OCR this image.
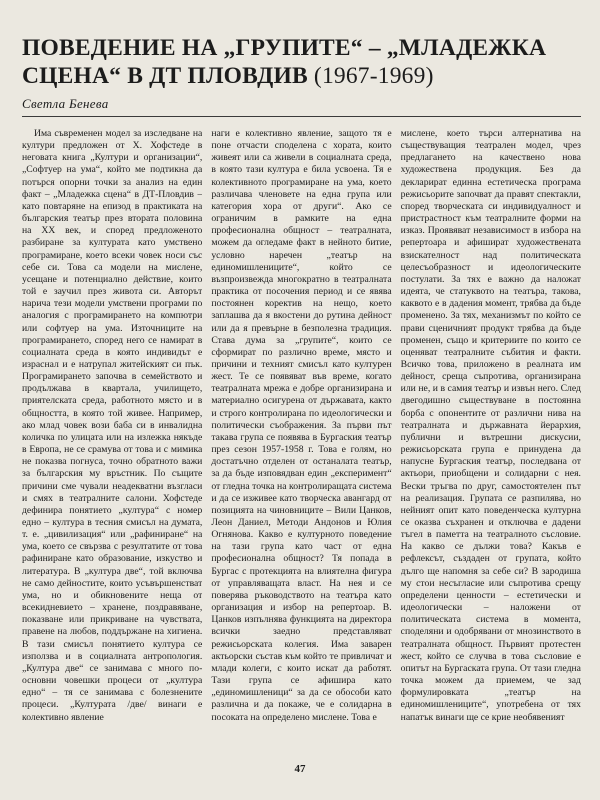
ПОВЕДЕНИЕ НА „ГРУПИТЕ“ – „МЛАДЕЖКА
СЦЕНА“ В ДТ ПЛОВДИВ (1967-1969)
Светла Бенева

Има съвременен модел за изследване на култури предложен от Х. Хофстеде в неговата книга „Култури и организации“, „Софтуер на ума“, който ме подтикна да потърся опорни точки за анализ на един факт – „Младежка сцена“ в ДТ-Пловдив – като повтаряне на епизод в практиката на българския театър през втората половина на ХХ век, и според предложеното разбиране за културата като умствено програмиране, което всеки човек носи със себе си. Това са модели на мислене, усещане и потенциално действие, които той е заучил през живота си. Авторът нарича тези модели умствени програми по аналогия с програмирането на компютри или софтуер на ума. Източниците на програмирането, според него се намират в социалната среда в която индивидът е израснал и е натрупал житейският си пък. Програмирането започва в семейството и продължава в квартала, училището, приятелската среда, работното място и в общността, в която той живее. Например, ако млад човек вози баба си в инвалидна количка по улицата или на излежка някъде в Европа, не се срамува от това и с мимика не показва погнуса, точно обратното важи за българския му връстник. По същите причини сме чували неадекватни възгласи и смях в театралните салони. Хофстеде дефинира понятието „култура“ с номер едно – култура в тесния смисъл на думата, т. е. „цивилизация“ или „рафиниране“ на ума, което се свързва с резултатите от това рафиниране като образование, изкуство и литература. В „култура две“, той включва не само дейностите, които усъвършенстват ума, но и обикновените неща от всекидневието – хранене, поздравяване, показване или прикриване на чувствата, правене на любов, поддържане на хигиена. В тази смисъл понятието култура се използва и в социалната антропология. „Култура две“ се занимава с много по-основни човешки процеси от „култура едно“ – тя се занимава с болезнените процеси. „Културата /две/ винаги е колективно явление

наги е колективно явление, защото тя е поне отчасти споделена с хората, които живеят или са живели в социалната среда, в която тази култура е била усвоена. Тя е колективното програмиране на ума, което различава членовете на една група или категория хора от други“. Ако се ограничим в рамките на една професионална общност – театралната, можем да огледаме факт в нейното битие, условно наречен „театър на единомишлениците“, който се възпроизвежда многократно в театралната практика от посочения период и се явява постоянен коректив на нещо, което заплашва да я вкостени до рутина дейност или да я превърне в безполезна традиция. Става дума за „групите“, които се сформират по различно време, място и причини и техният смисъл като културен жест. Те се появяват във време, когато театралната мрежа е добре организирана и материално осигурена от държавата, както и строго контролирана по идеологически и политически съображения. За първи път такава група се появява в Бургаския театър през сезон 1957-1958 г. Това е голям, но достатъчно отделен от останалата театър, за да бъде изповядван един „експеримент“ от гледна точка на контролиращата система и да се изживее като творческа авангард от позицията на чиновниците – Вили Цанков, Леон Даниел, Методи Андонов и Юлия Огнянова. Какво е културното поведение на тази група като част от една професионална общност? Тя попада в Бургас с протекцията на влиятелна фигура от управляващата власт. На нея и се поверява ръководството на театъра като организация и избор на репертоар. В. Цанков изпълнява функцията на директора всички заедно представляват режисьорската колегия. Има заварен актьорски състав към който те привличат и млади колеги, с които искат да работят. Тази група се афишира като „единомишленици“ за да се обособи като различна и да покаже, че е солидарна в посоката на определено мислене. Това е

мислене, което търси алтернатива на съществуващия театрален модел, чрез предлагането на качествено нова художествена продукция. Без да декларират единна естетическа програма режисьорите започват да правят спектакли, според творческата си индивидуалност и пристрастност към театралните форми на изказ. Проявяват независимост в избора на репертоара и афишират художествената взискателност над политическата целесъобразност и идеологическите постулати. За тях е важно да наложат идеята, че статуквото на театъра, такова, каквото е в дадения момент, трябва да бъде променено. За тях, механизмът по който се прави сценичният продукт трябва да бъде променен, също и критериите по които се оценяват театралните събития и факти. Всичко това, приложено в реалната им дейност, среща съпротива, организирана или не, и в самия театър и извън него. След двегодишно съществуване в постоянна борба с опонентите от различни нива на театралната и държавната йерархия, публични и вътрешни дискусии, режисьорската група е принудена да напусне Бургаския театър, последвана от актьори, приобщени и солидарни с нея. Вески тръгва по друг, самостоятелен път на реализация. Групата се разпилява, но нейният опит като поведенческа културна се оказва съхранен и отключва е дадени тъгел в паметта на театралното съсловие. На какво се дължи това? Какъв е рефлексът, създаден от групата, който дълго ще напомня за себе си? В зародиша му стои несъгласие или съпротива срещу определени ценности – естетически и идеологически – наложени от политическата система в момента, споделяни и одобрявани от мнозинството в театралната общност. Първият протестен жест, който се случва в това съсловие е опитът на Бургаската група. От тази гледна точка можем да приемем, че зад формулировката „театър на единомишлениците“, употребена от тях напатък винаги ще се крие необявеният

47
